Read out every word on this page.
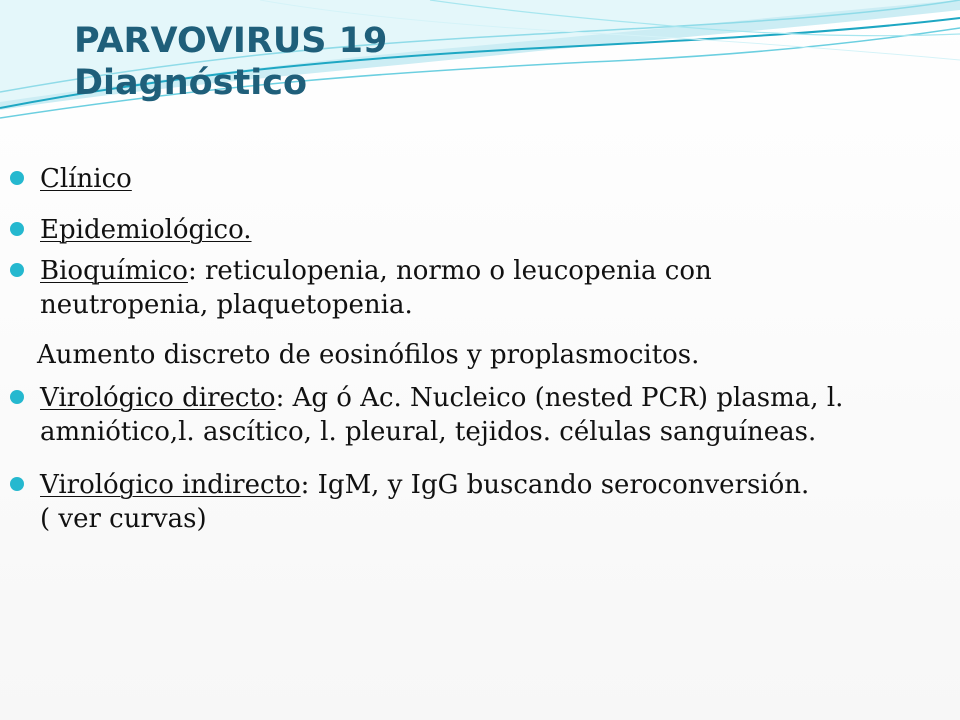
PARVOVIRUS 19
Diagnóstico
Clínico
Epidemiológico.
Bioquímico: reticulopenia, normo o leucopenia con
neutropenia, plaquetopenia.
Aumento discreto de eosinófilos y proplasmocitos.
Virológico directo: Ag ó Ac. Nucleico (nested PCR) plasma, l.
amniótico,l. ascítico, l. pleural, tejidos. células sanguíneas.
Virológico indirecto: IgM, y IgG buscando seroconversión.
( ver curvas)
